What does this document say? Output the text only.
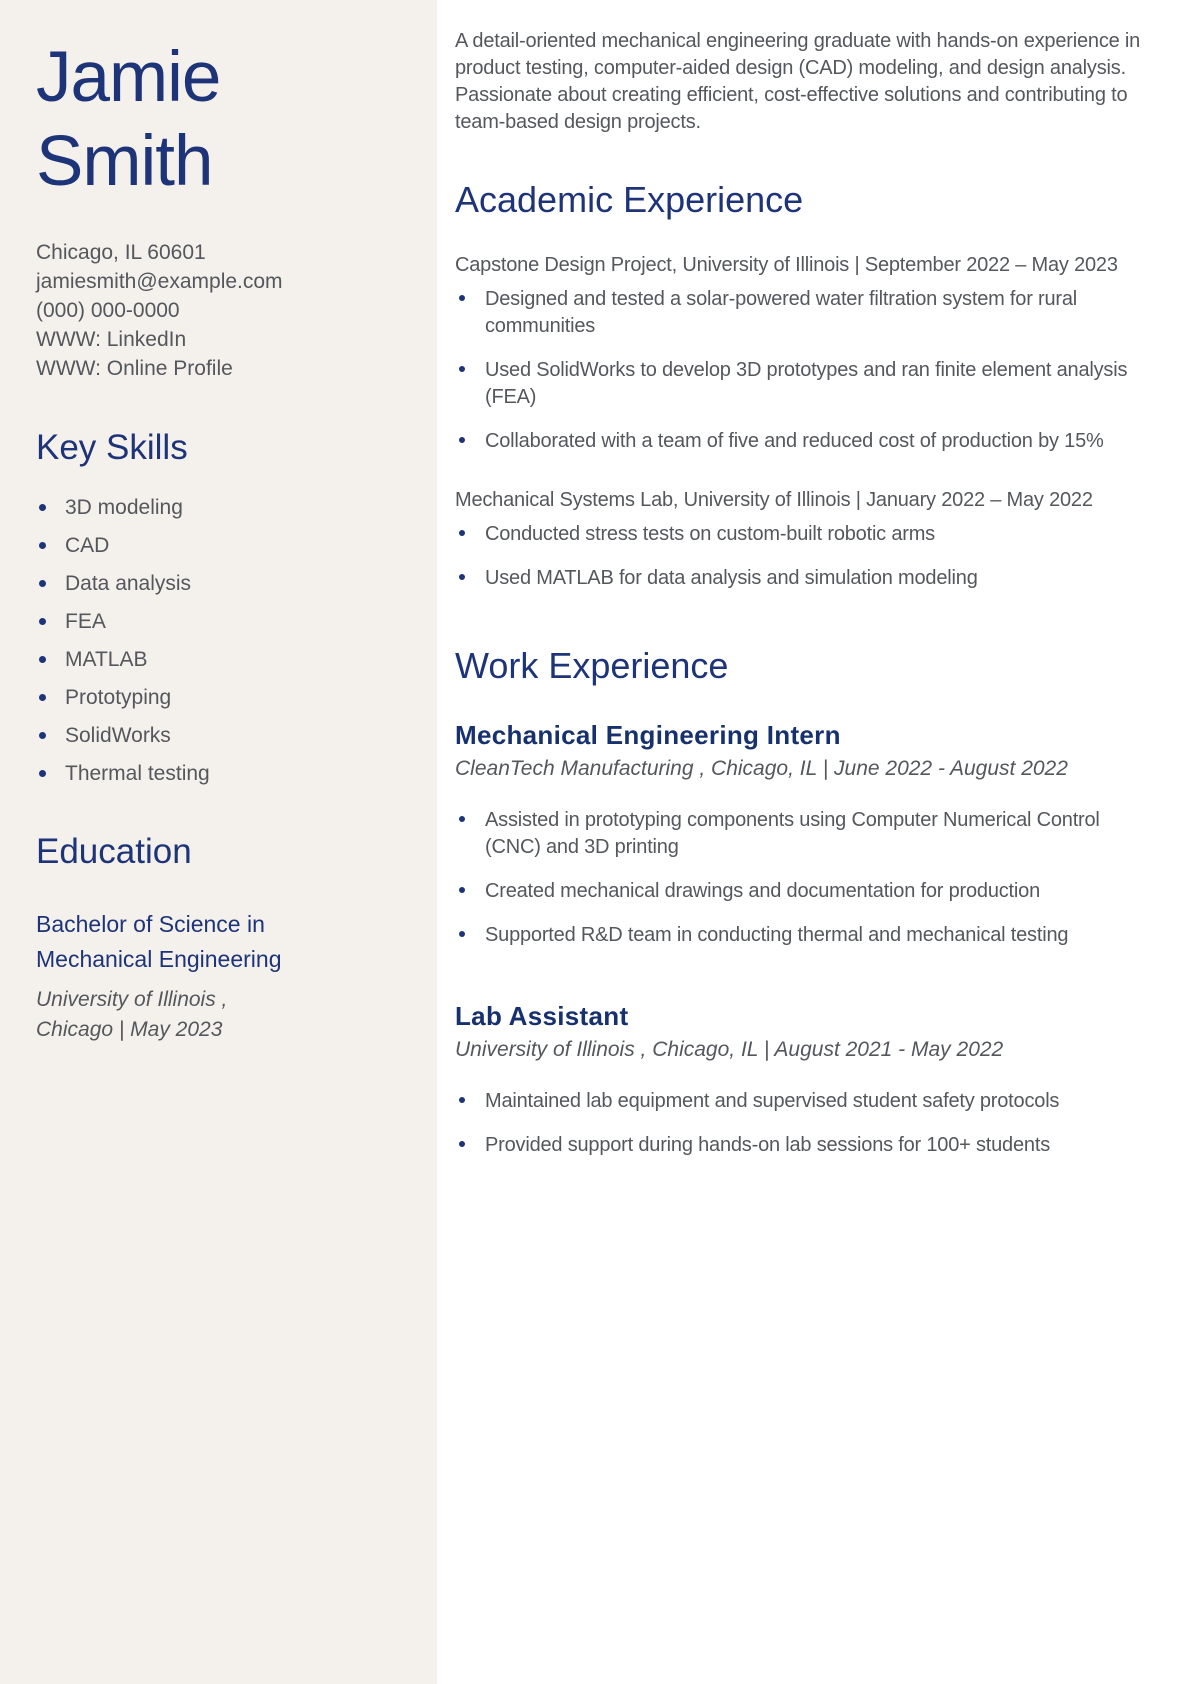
Jamie
Smith
Chicago, IL 60601
jamiesmith@example.com
(000) 000-0000
WWW: LinkedIn
WWW: Online Profile
Key Skills
3D modeling
CAD
Data analysis
FEA
MATLAB
Prototyping
SolidWorks
Thermal testing
Education
Bachelor of Science in Mechanical Engineering
University of Illinois ,
Chicago | May 2023

A detail-oriented mechanical engineering graduate with hands-on experience in product testing, computer-aided design (CAD) modeling, and design analysis. Passionate about creating efficient, cost-effective solutions and contributing to team-based design projects.

Academic Experience
Capstone Design Project, University of Illinois | September 2022 – May 2023
Designed and tested a solar-powered water filtration system for rural communities
Used SolidWorks to develop 3D prototypes and ran finite element analysis (FEA)
Collaborated with a team of five and reduced cost of production by 15%
Mechanical Systems Lab, University of Illinois | January 2022 – May 2022
Conducted stress tests on custom-built robotic arms
Used MATLAB for data analysis and simulation modeling
Work Experience
Mechanical Engineering Intern
CleanTech Manufacturing , Chicago, IL | June 2022 - August 2022
Assisted in prototyping components using Computer Numerical Control (CNC) and 3D printing
Created mechanical drawings and documentation for production
Supported R&D team in conducting thermal and mechanical testing
Lab Assistant
University of Illinois , Chicago, IL | August 2021 - May 2022
Maintained lab equipment and supervised student safety protocols
Provided support during hands-on lab sessions for 100+ students
